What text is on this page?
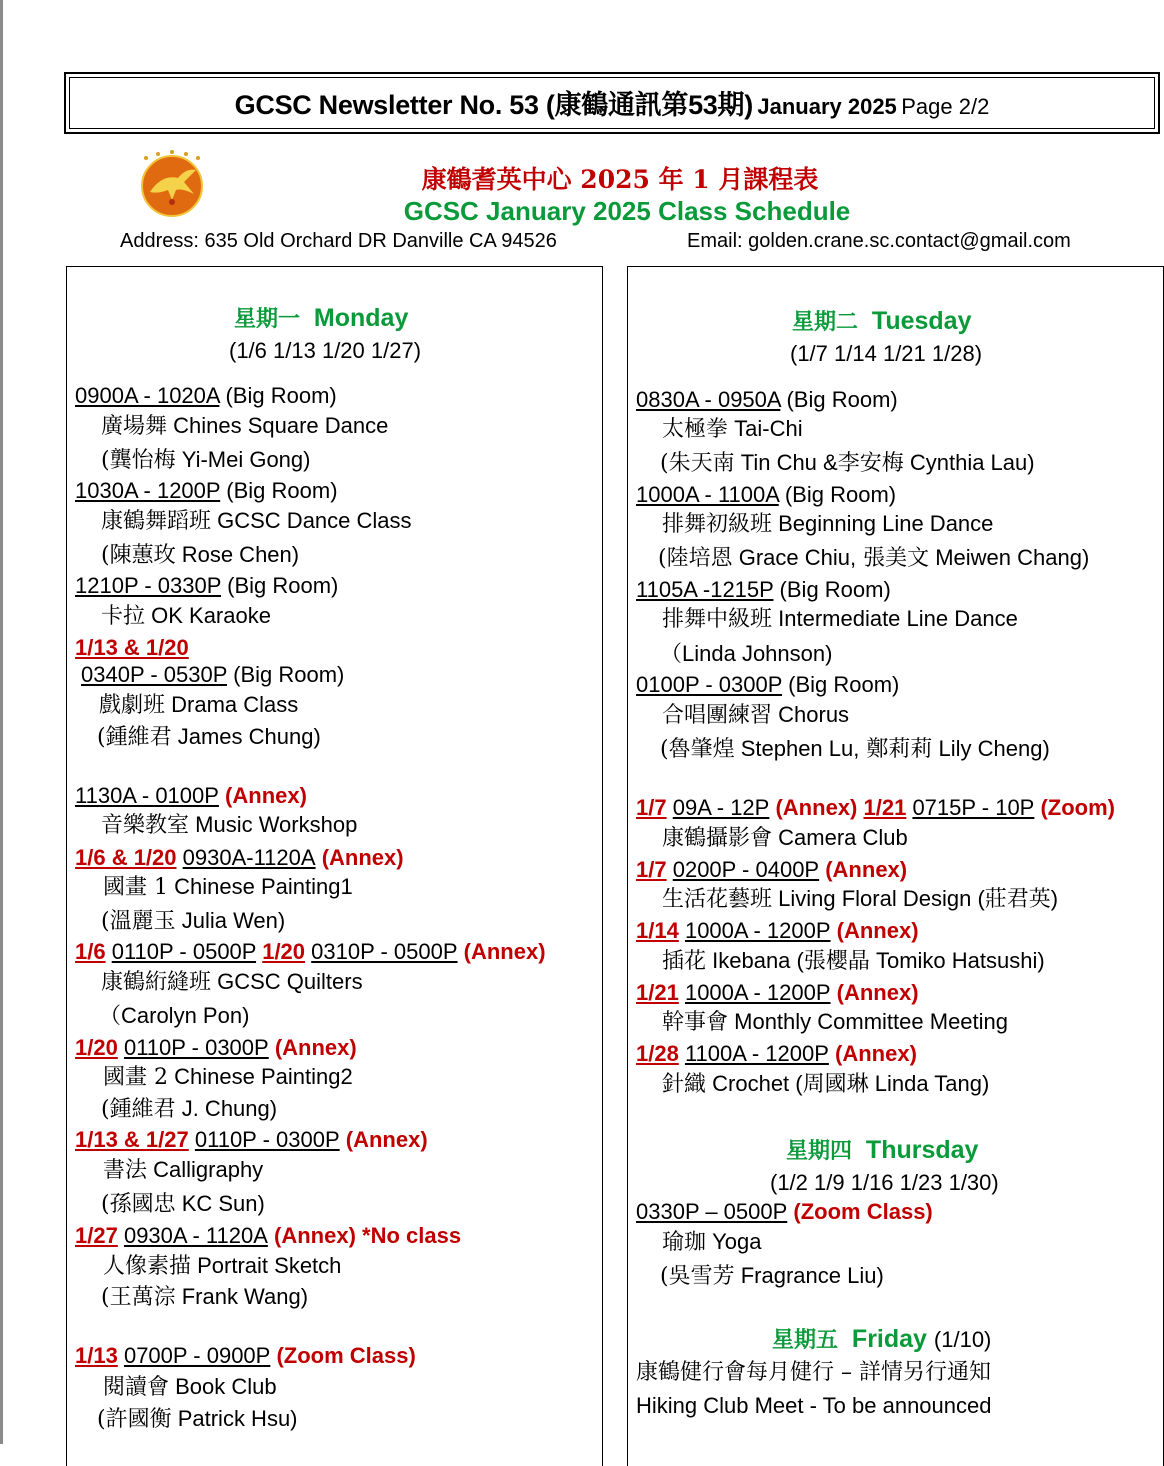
GCSC Newsletter No. 53 (康鶴通訊第53期) January 2025 Page 2/2
康鶴耆英中心 2025 年 1 月課程表
GCSC January 2025 Class Schedule
Address: 635 Old Orchard DR Danville CA 94526	Email: golden.crane.sc.contact@gmail.com
星期一 Monday
(1/6 1/13 1/20 1/27)
0900A - 1020A (Big Room)
廣場舞 Chines Square Dance
(龔怡梅 Yi-Mei Gong)
1030A - 1200P (Big Room)
康鶴舞蹈班 GCSC Dance Class
(陳蕙玫 Rose Chen)
1210P - 0330P (Big Room)
卡拉 OK Karaoke
1/13 & 1/20
0340P - 0530P (Big Room)
戲劇班 Drama Class
(鍾維君 James Chung)
1130A - 0100P (Annex)
音樂教室 Music Workshop
1/6 & 1/20 0930A-1120A (Annex)
國畫 1 Chinese Painting1
(溫麗玉 Julia Wen)
1/6 0110P - 0500P 1/20 0310P - 0500P (Annex)
康鶴絎縫班 GCSC Quilters
（Carolyn Pon)
1/20 0110P - 0300P (Annex)
國畫 2 Chinese Painting2
(鍾維君 J. Chung)
1/13 & 1/27 0110P - 0300P (Annex)
書法 Calligraphy
(孫國忠 KC Sun)
1/27 0930A - 1120A (Annex) *No class
人像素描 Portrait Sketch
(王萬淙 Frank Wang)
1/13 0700P - 0900P (Zoom Class)
閱讀會 Book Club
(許國衡 Patrick Hsu)
星期二 Tuesday
(1/7 1/14 1/21 1/28)
0830A - 0950A (Big Room)
太極拳 Tai-Chi
(朱天南 Tin Chu &李安梅 Cynthia Lau)
1000A - 1100A (Big Room)
排舞初級班 Beginning Line Dance
(陸培恩 Grace Chiu, 張美文 Meiwen Chang)
1105A -1215P (Big Room)
排舞中級班 Intermediate Line Dance
（Linda Johnson)
0100P - 0300P (Big Room)
合唱團練習 Chorus
(魯肇煌 Stephen Lu, 鄭莉莉 Lily Cheng)
1/7 09A - 12P (Annex) 1/21 0715P - 10P (Zoom)
康鶴攝影會 Camera Club
1/7 0200P - 0400P (Annex)
生活花藝班 Living Floral Design (莊君英)
1/14 1000A - 1200P (Annex)
插花 Ikebana (張櫻晶 Tomiko Hatsushi)
1/21 1000A - 1200P (Annex)
幹事會 Monthly Committee Meeting
1/28 1100A - 1200P (Annex)
針織 Crochet (周國琳 Linda Tang)
星期四 Thursday
(1/2 1/9 1/16 1/23 1/30)
0330P – 0500P (Zoom Class)
瑜珈 Yoga
(吳雪芳 Fragrance Liu)
星期五 Friday (1/10)
康鶴健行會每月健行 – 詳情另行通知
Hiking Club Meet - To be announced
